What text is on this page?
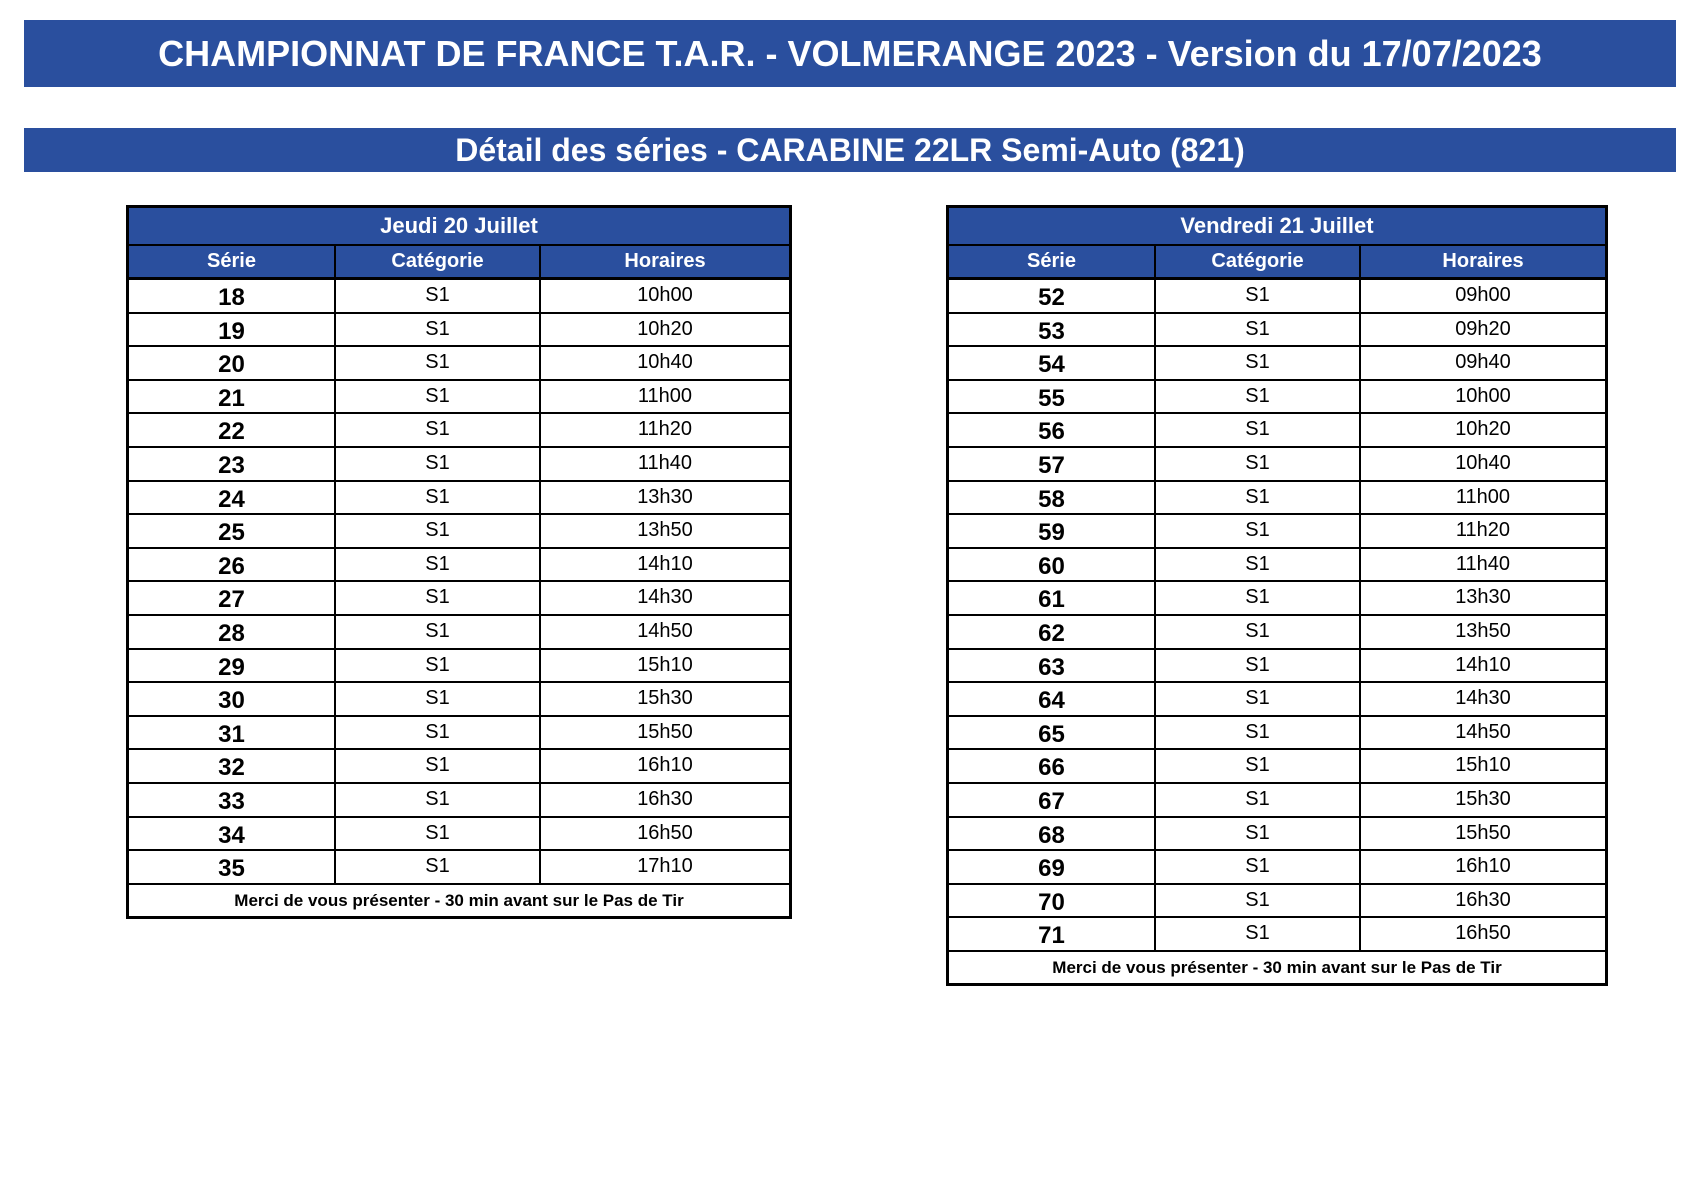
CHAMPIONNAT DE FRANCE T.A.R. - VOLMERANGE 2023 - Version du 17/07/2023
Détail des séries - CARABINE 22LR Semi-Auto (821)
Jeudi 20 Juillet
Série	Catégorie	Horaires
18	S1	10h00
19	S1	10h20
20	S1	10h40
21	S1	11h00
22	S1	11h20
23	S1	11h40
24	S1	13h30
25	S1	13h50
26	S1	14h10
27	S1	14h30
28	S1	14h50
29	S1	15h10
30	S1	15h30
31	S1	15h50
32	S1	16h10
33	S1	16h30
34	S1	16h50
35	S1	17h10
Merci de vous présenter - 30 min avant sur le Pas de Tir
Vendredi 21 Juillet
Série	Catégorie	Horaires
52	S1	09h00
53	S1	09h20
54	S1	09h40
55	S1	10h00
56	S1	10h20
57	S1	10h40
58	S1	11h00
59	S1	11h20
60	S1	11h40
61	S1	13h30
62	S1	13h50
63	S1	14h10
64	S1	14h30
65	S1	14h50
66	S1	15h10
67	S1	15h30
68	S1	15h50
69	S1	16h10
70	S1	16h30
71	S1	16h50
Merci de vous présenter - 30 min avant sur le Pas de Tir
